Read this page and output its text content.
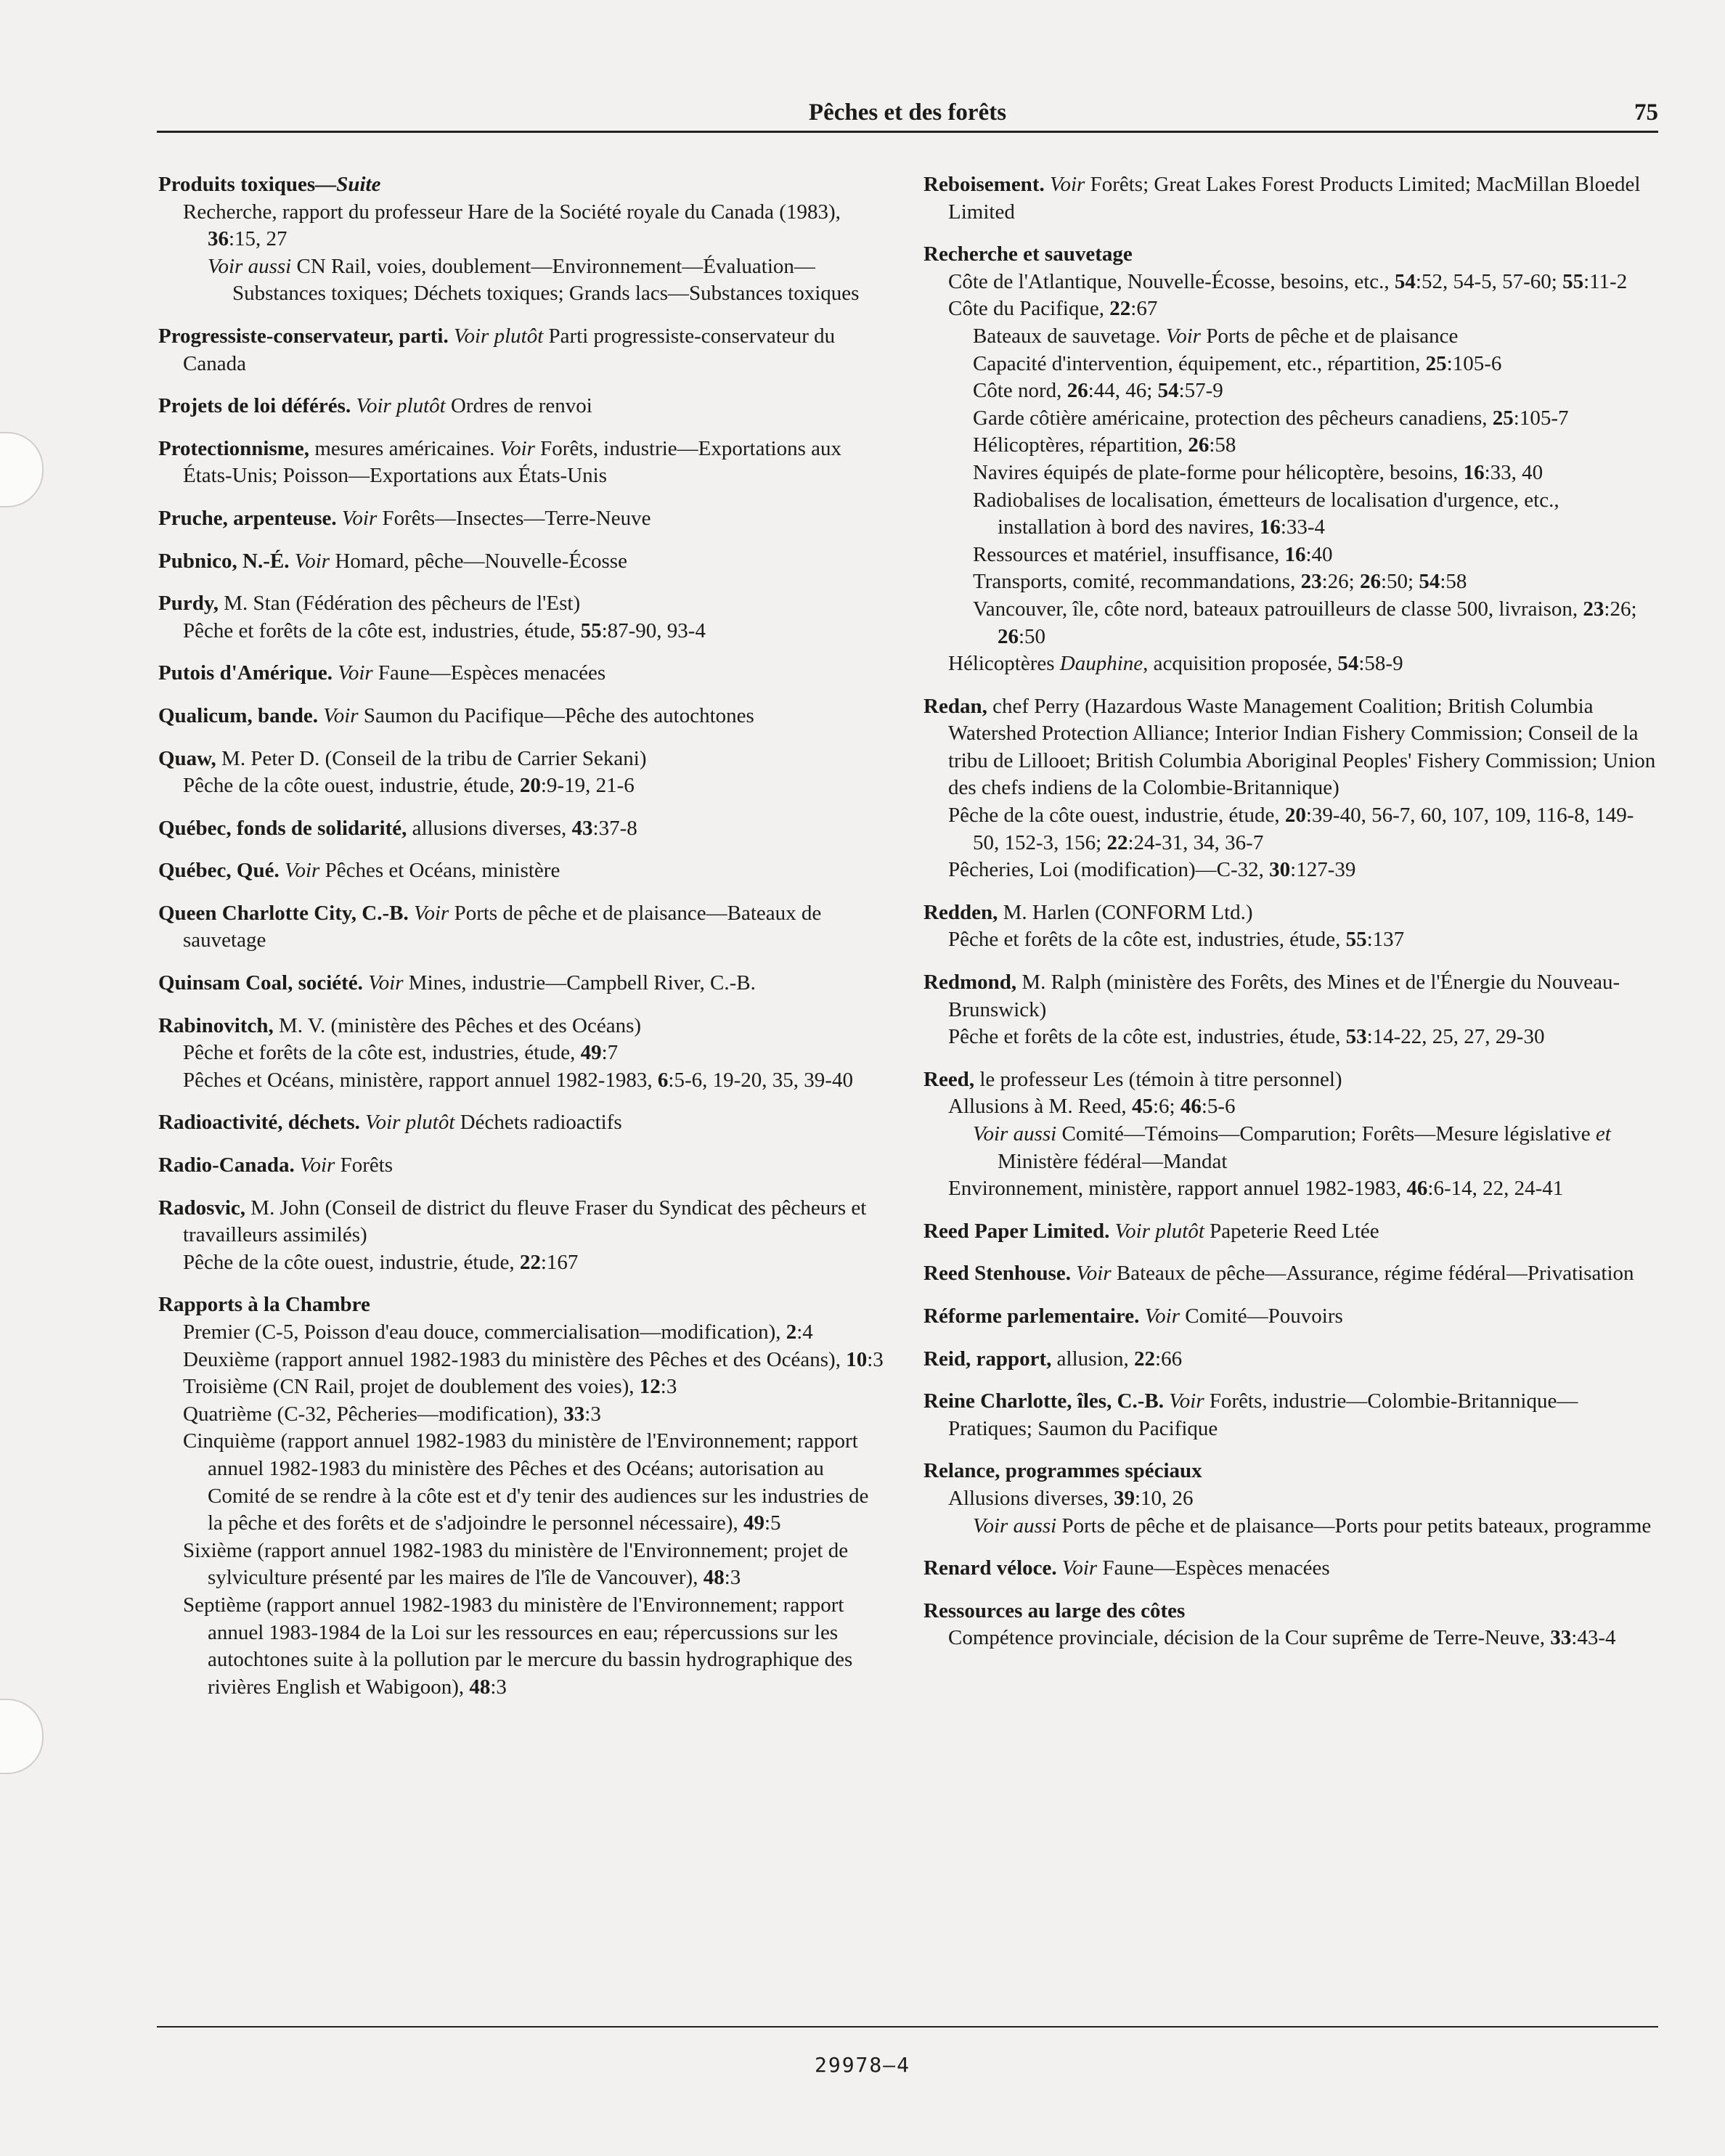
Pêches et des forêts	75
Produits toxiques—Suite
Recherche, rapport du professeur Hare de la Société royale du Canada (1983), 36:15, 27
Voir aussi CN Rail, voies, doublement—Environnement—Évaluation—Substances toxiques; Déchets toxiques; Grands lacs—Substances toxiques
Progressiste-conservateur, parti. Voir plutôt Parti progressiste-conservateur du Canada
Projets de loi déférés. Voir plutôt Ordres de renvoi
Protectionnisme, mesures américaines. Voir Forêts, industrie—Exportations aux États-Unis; Poisson—Exportations aux États-Unis
Pruche, arpenteuse. Voir Forêts—Insectes—Terre-Neuve
Pubnico, N.-É. Voir Homard, pêche—Nouvelle-Écosse
Purdy, M. Stan (Fédération des pêcheurs de l'Est)
Pêche et forêts de la côte est, industries, étude, 55:87-90, 93-4
Putois d'Amérique. Voir Faune—Espèces menacées
Qualicum, bande. Voir Saumon du Pacifique—Pêche des autochtones
Quaw, M. Peter D. (Conseil de la tribu de Carrier Sekani)
Pêche de la côte ouest, industrie, étude, 20:9-19, 21-6
Québec, fonds de solidarité, allusions diverses, 43:37-8
Québec, Qué. Voir Pêches et Océans, ministère
Queen Charlotte City, C.-B. Voir Ports de pêche et de plaisance—Bateaux de sauvetage
Quinsam Coal, société. Voir Mines, industrie—Campbell River, C.-B.
Rabinovitch, M. V. (ministère des Pêches et des Océans)
Pêche et forêts de la côte est, industries, étude, 49:7
Pêches et Océans, ministère, rapport annuel 1982-1983, 6:5-6, 19-20, 35, 39-40
Radioactivité, déchets. Voir plutôt Déchets radioactifs
Radio-Canada. Voir Forêts
Radosvic, M. John (Conseil de district du fleuve Fraser du Syndicat des pêcheurs et travailleurs assimilés)
Pêche de la côte ouest, industrie, étude, 22:167
Rapports à la Chambre
Premier (C-5, Poisson d'eau douce, commercialisation—modification), 2:4
Deuxième (rapport annuel 1982-1983 du ministère des Pêches et des Océans), 10:3
Troisième (CN Rail, projet de doublement des voies), 12:3
Quatrième (C-32, Pêcheries—modification), 33:3
Cinquième (rapport annuel 1982-1983 du ministère de l'Environnement; rapport annuel 1982-1983 du ministère des Pêches et des Océans; autorisation au Comité de se rendre à la côte est et d'y tenir des audiences sur les industries de la pêche et des forêts et de s'adjoindre le personnel nécessaire), 49:5
Sixième (rapport annuel 1982-1983 du ministère de l'Environnement; projet de sylviculture présenté par les maires de l'île de Vancouver), 48:3
Septième (rapport annuel 1982-1983 du ministère de l'Environnement; rapport annuel 1983-1984 de la Loi sur les ressources en eau; répercussions sur les autochtones suite à la pollution par le mercure du bassin hydrographique des rivières English et Wabigoon), 48:3
Reboisement. Voir Forêts; Great Lakes Forest Products Limited; MacMillan Bloedel Limited
Recherche et sauvetage
Côte de l'Atlantique, Nouvelle-Écosse, besoins, etc., 54:52, 54-5, 57-60; 55:11-2
Côte du Pacifique, 22:67
Bateaux de sauvetage. Voir Ports de pêche et de plaisance
Capacité d'intervention, équipement, etc., répartition, 25:105-6
Côte nord, 26:44, 46; 54:57-9
Garde côtière américaine, protection des pêcheurs canadiens, 25:105-7
Hélicoptères, répartition, 26:58
Navires équipés de plate-forme pour hélicoptère, besoins, 16:33, 40
Radiobalises de localisation, émetteurs de localisation d'urgence, etc., installation à bord des navires, 16:33-4
Ressources et matériel, insuffisance, 16:40
Transports, comité, recommandations, 23:26; 26:50; 54:58
Vancouver, île, côte nord, bateaux patrouilleurs de classe 500, livraison, 23:26; 26:50
Hélicoptères Dauphine, acquisition proposée, 54:58-9
Redan, chef Perry (Hazardous Waste Management Coalition; British Columbia Watershed Protection Alliance; Interior Indian Fishery Commission; Conseil de la tribu de Lillooet; British Columbia Aboriginal Peoples' Fishery Commission; Union des chefs indiens de la Colombie-Britannique)
Pêche de la côte ouest, industrie, étude, 20:39-40, 56-7, 60, 107, 109, 116-8, 149-50, 152-3, 156; 22:24-31, 34, 36-7
Pêcheries, Loi (modification)—C-32, 30:127-39
Redden, M. Harlen (CONFORM Ltd.)
Pêche et forêts de la côte est, industries, étude, 55:137
Redmond, M. Ralph (ministère des Forêts, des Mines et de l'Énergie du Nouveau-Brunswick)
Pêche et forêts de la côte est, industries, étude, 53:14-22, 25, 27, 29-30
Reed, le professeur Les (témoin à titre personnel)
Allusions à M. Reed, 45:6; 46:5-6
Voir aussi Comité—Témoins—Comparution; Forêts—Mesure législative et Ministère fédéral—Mandat
Environnement, ministère, rapport annuel 1982-1983, 46:6-14, 22, 24-41
Reed Paper Limited. Voir plutôt Papeterie Reed Ltée
Reed Stenhouse. Voir Bateaux de pêche—Assurance, régime fédéral—Privatisation
Réforme parlementaire. Voir Comité—Pouvoirs
Reid, rapport, allusion, 22:66
Reine Charlotte, îles, C.-B. Voir Forêts, industrie—Colombie-Britannique—Pratiques; Saumon du Pacifique
Relance, programmes spéciaux
Allusions diverses, 39:10, 26
Voir aussi Ports de pêche et de plaisance—Ports pour petits bateaux, programme
Renard véloce. Voir Faune—Espèces menacées
Ressources au large des côtes
Compétence provinciale, décision de la Cour suprême de Terre-Neuve, 33:43-4
29978–4
